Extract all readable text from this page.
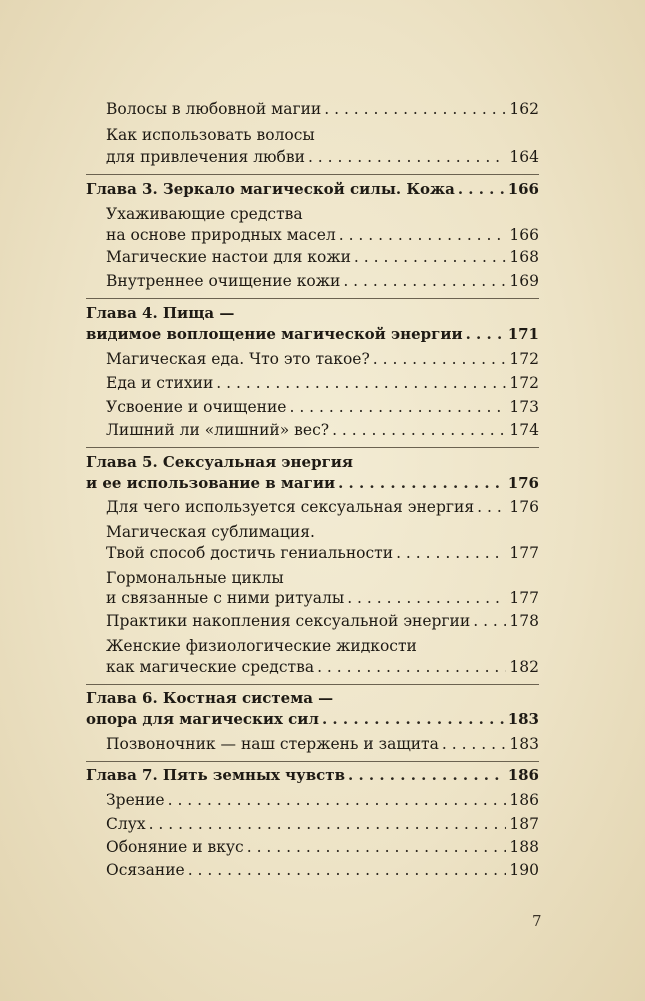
Волосы в любовной магии . . .	162
Как использовать волосы
для привлечения любви . . .	164
Глава 3. Зеркало магической силы. Кожа . . .	166
Ухаживающие средства
на основе природных масел . . .	166
Магические настои для кожи . . .	168
Внутреннее очищение кожи . . .	169
Глава 4. Пища —
видимое воплощение магической энергии . . .	171
Магическая еда. Что это такое? . . .	172
Еда и стихии . . .	172
Усвоение и очищение . . .	173
Лишний ли «лишний» вес? . . .	174
Глава 5. Сексуальная энергия
и ее использование в магии . . .	176
Для чего используется сексуальная энергия . . . 176
Магическая сублимация.
Твой способ достичь гениальности . . .	177
Гормональные циклы
и связанные с ними ритуалы . . .	177
Практики накопления сексуальной энергии . . .	178
Женские физиологические жидкости
как магические средства . . .	182
Глава 6. Костная система —
опора для магических сил . . .	183
Позвоночник — наш стержень и защита . . .	183
Глава 7. Пять земных чувств . . .	186
Зрение . . .	186
Слух . . .	187
Обоняние и вкус . . .	188
Осязание . . .	190
7
